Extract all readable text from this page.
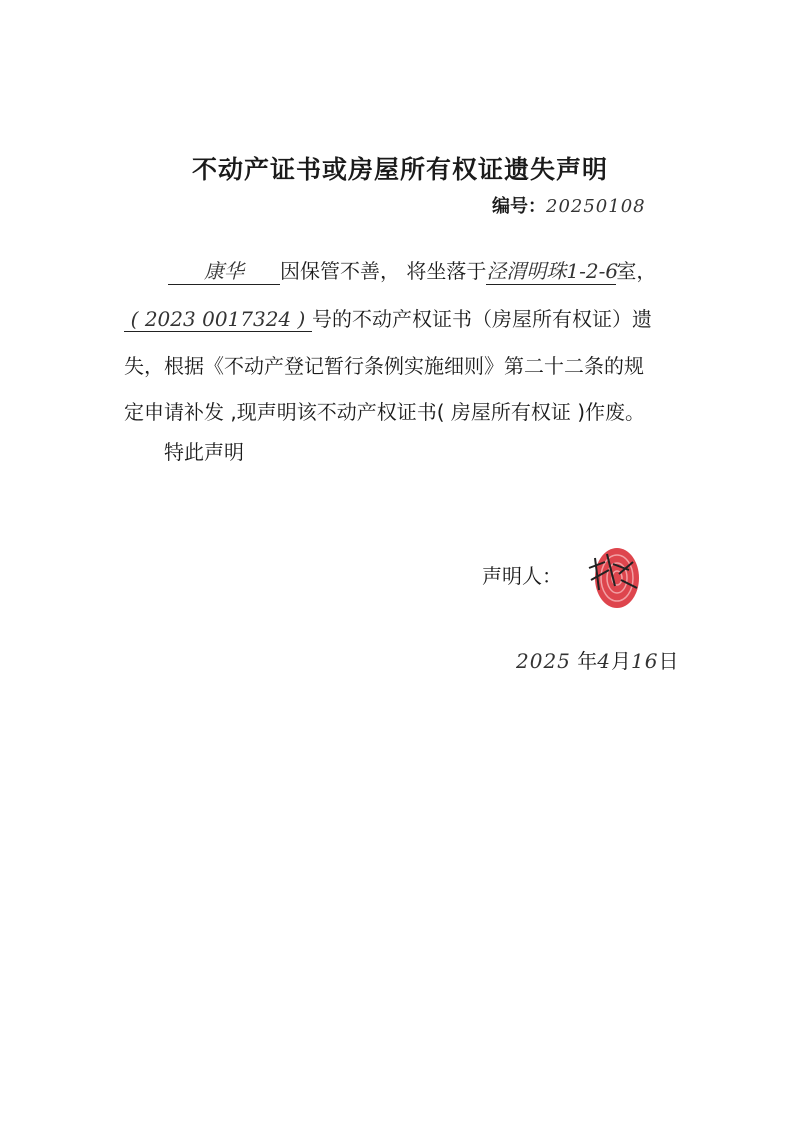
不动产证书或房屋所有权证遗失声明
编号：20250108
康华 因保管不善， 将坐落于泾渭明珠1-2-6室，
( 2023 0017324 ) 号的不动产权证书（房屋所有权证）遗
失，根据《不动产登记暂行条例实施细则》第二十二条的规
定申请补发 ,现声明该不动产权证书( 房屋所有权证 )作废。
特此声明
声明人：
2025 年4月16日
